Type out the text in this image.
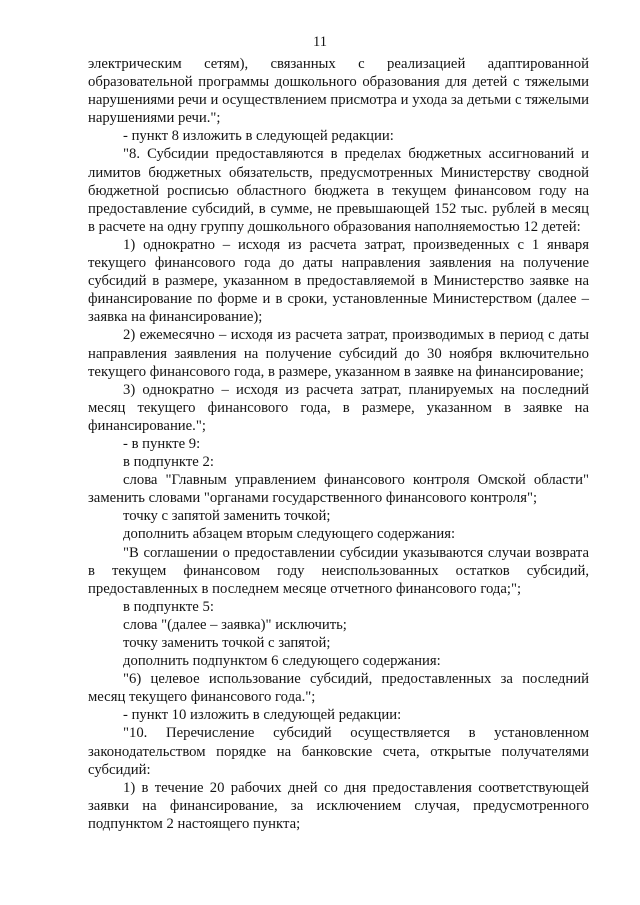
11

электрическим сетям), связанных с реализацией адаптированной образовательной программы дошкольного образования для детей с тяжелыми нарушениями речи и осуществлением присмотра и ухода за детьми с тяжелыми нарушениями речи.";

- пункт 8 изложить в следующей редакции:

"8. Субсидии предоставляются в пределах бюджетных ассигнований и лимитов бюджетных обязательств, предусмотренных Министерству сводной бюджетной росписью областного бюджета в текущем финансовом году на предоставление субсидий, в сумме, не превышающей 152 тыс. рублей в месяц в расчете на одну группу дошкольного образования наполняемостью 12 детей:

1) однократно – исходя из расчета затрат, произведенных с 1 января текущего финансового года до даты направления заявления на получение субсидий в размере, указанном в предоставляемой в Министерство заявке на финансирование по форме и в сроки, установленные Министерством (далее – заявка на финансирование);

2) ежемесячно – исходя из расчета затрат, производимых в период с даты направления заявления на получение субсидий до 30 ноября включительно текущего финансового года, в размере, указанном в заявке на финансирование;

3) однократно – исходя из расчета затрат, планируемых на последний месяц текущего финансового года, в размере, указанном в заявке на финансирование.";

- в пункте 9:

в подпункте 2:

слова "Главным управлением финансового контроля Омской области" заменить словами "органами государственного финансового контроля";

точку с запятой заменить точкой;

дополнить абзацем вторым следующего содержания:

"В соглашении о предоставлении субсидии указываются случаи возврата в текущем финансовом году неиспользованных остатков субсидий, предоставленных в последнем месяце отчетного финансового года;";

в подпункте 5:

слова "(далее – заявка)" исключить;

точку заменить точкой с запятой;

дополнить подпунктом 6 следующего содержания:

"6) целевое использование субсидий, предоставленных за последний месяц текущего финансового года.";

- пункт 10 изложить в следующей редакции:

"10. Перечисление субсидий осуществляется в установленном законодательством порядке на банковские счета, открытые получателями субсидий:

1) в течение 20 рабочих дней со дня предоставления соответствующей заявки на финансирование, за исключением случая, предусмотренного подпунктом 2 настоящего пункта;
